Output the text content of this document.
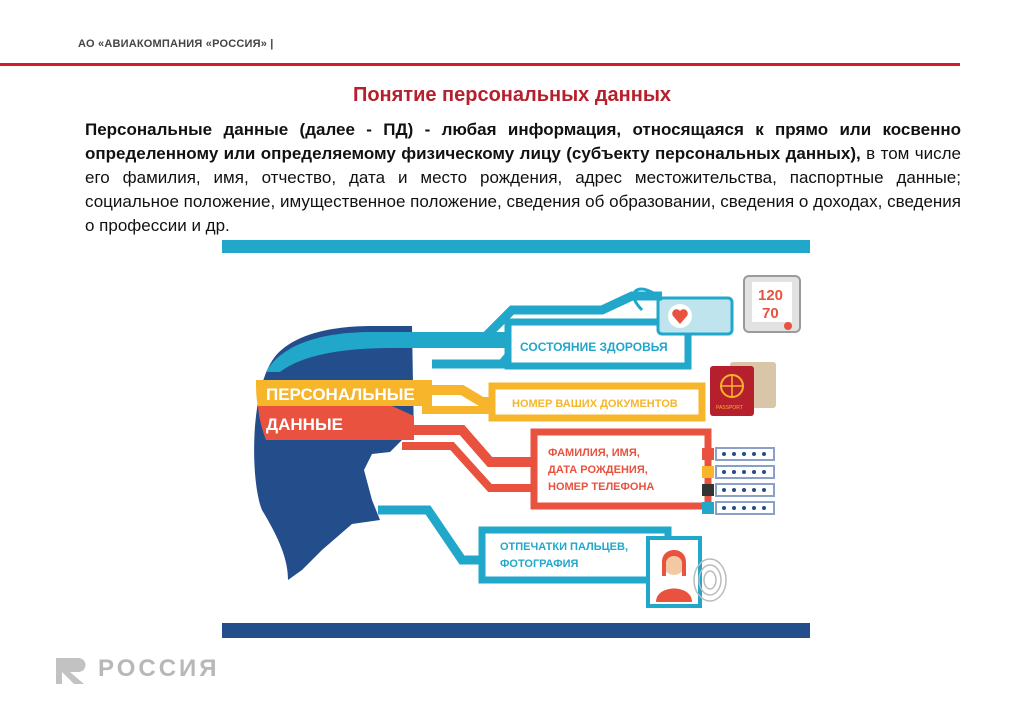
АО «АВИАКОМПАНИЯ «РОССИЯ» |
Понятие персональных данных
Персональные данные (далее - ПД) - любая информация, относящаяся к прямо или косвенно определенному или определяемому физическому лицу (субъекту персональных данных), в том числе его фамилия, имя, отчество, дата и место рождения, адрес местожительства, паспортные данные; социальное положение, имущественное положение, сведения об образовании, сведения о доходах, сведения о профессии и др.
ПЕРСОНАЛЬНЫЕ
ДАННЫЕ
СОСТОЯНИЕ ЗДОРОВЬЯ
120
70
НОМЕР ВАШИХ ДОКУМЕНТОВ	PASSPORT
ФАМИЛИЯ, ИМЯ,
ДАТА РОЖДЕНИЯ,
НОМЕР ТЕЛЕФОНА
ОТПЕЧАТКИ ПАЛЬЦЕВ,
ФОТОГРАФИЯ
РОССИЯ
